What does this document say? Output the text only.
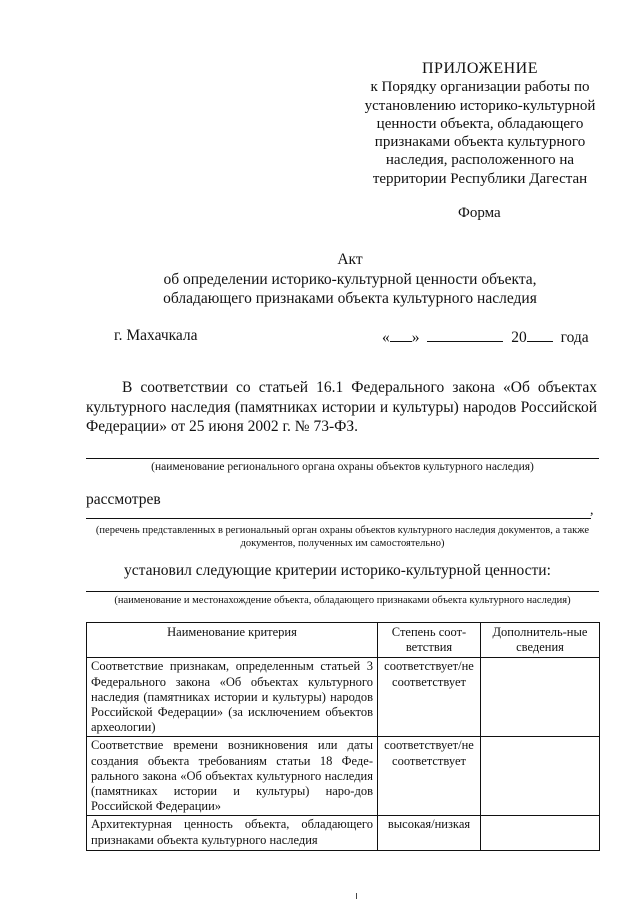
ПРИЛОЖЕНИЕ
к Порядку организации работы по
установлению историко-культурной
ценности объекта, обладающего
признаками объекта культурного
наследия, расположенного на
территории Республики Дагестан
Форма
Акт
об определении историко-культурной ценности объекта,
обладающего признаками объекта культурного наследия
г. Махачкала	« »	20 года
В соответствии со статьей 16.1 Федерального закона «Об объектах культурного наследия (памятниках истории и культуры) народов Российской Федерации» от 25 июня 2002 г. № 73-ФЗ.
(наименование регионального органа охраны объектов культурного наследия)
рассмотрев
,
(перечень представленных в региональный орган охраны объектов культурного наследия документов, а также
документов, полученных им самостоятельно)
установил следующие критерии историко-культурной ценности:
(наименование и местонахождение объекта, обладающего признаками объекта культурного наследия)
Наименование критерия	Степень соот-ветствия	Дополнитель-ные сведения
Соответствие признакам, определенным статьей 3 Федерального закона «Об объектах культурного наследия (памятниках истории и культуры) народов Российской Федерации» (за исключением объектов археологии)	соответствует/не соответствует	
Соответствие времени возникновения или даты создания объекта требованиям статьи 18 Феде-рального закона «Об объектах культурного наследия (памятниках истории и культуры) наро-дов Российской Федерации»	соответствует/не соответствует	
Архитектурная ценность объекта, обладающего признаками объекта культурного наследия	высокая/низкая	
